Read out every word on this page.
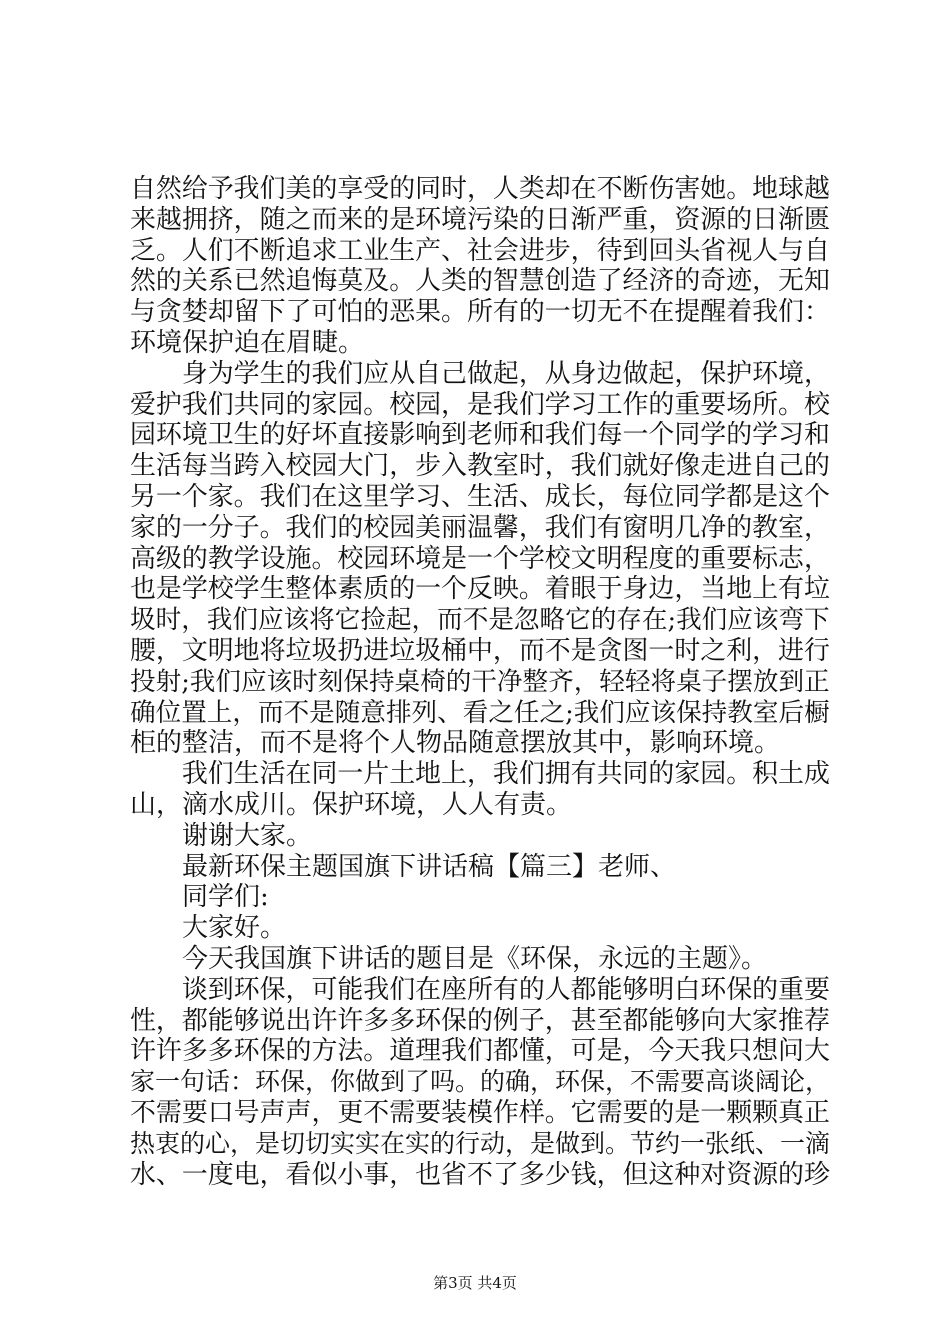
自然给予我们美的享受的同时，人类却在不断伤害她。地球越
来越拥挤，随之而来的是环境污染的日渐严重，资源的日渐匮
乏。人们不断追求工业生产、社会进步，待到回头省视人与自
然的关系已然追悔莫及。人类的智慧创造了经济的奇迹，无知
与贪婪却留下了可怕的恶果。所有的一切无不在提醒着我们：
环境保护迫在眉睫。
　　身为学生的我们应从自己做起，从身边做起，保护环境，
爱护我们共同的家园。校园，是我们学习工作的重要场所。校
园环境卫生的好坏直接影响到老师和我们每一个同学的学习和
生活每当跨入校园大门，步入教室时，我们就好像走进自己的
另一个家。我们在这里学习、生活、成长，每位同学都是这个
家的一分子。我们的校园美丽温馨，我们有窗明几净的教室，
高级的教学设施。校园环境是一个学校文明程度的重要标志，
也是学校学生整体素质的一个反映。着眼于身边，当地上有垃
圾时，我们应该将它捡起，而不是忽略它的存在;我们应该弯下
腰，文明地将垃圾扔进垃圾桶中，而不是贪图一时之利，进行
投射;我们应该时刻保持桌椅的干净整齐，轻轻将桌子摆放到正
确位置上，而不是随意排列、看之任之;我们应该保持教室后橱
柜的整洁，而不是将个人物品随意摆放其中，影响环境。
　　我们生活在同一片土地上，我们拥有共同的家园。积土成
山，滴水成川。保护环境，人人有责。
　　谢谢大家。
　　最新环保主题国旗下讲话稿【篇三】老师、
　　同学们:
　　大家好。
　　今天我国旗下讲话的题目是《环保，永远的主题》。
　　谈到环保，可能我们在座所有的人都能够明白环保的重要
性，都能够说出许许多多环保的例子，甚至都能够向大家推荐
许许多多环保的方法。道理我们都懂，可是，今天我只想问大
家一句话：环保，你做到了吗。的确，环保，不需要高谈阔论，
不需要口号声声，更不需要装模作样。它需要的是一颗颗真正
热衷的心，是切切实实在实的行动，是做到。节约一张纸、一滴
水、一度电，看似小事，也省不了多少钱，但这种对资源的珍
第3页 共4页
